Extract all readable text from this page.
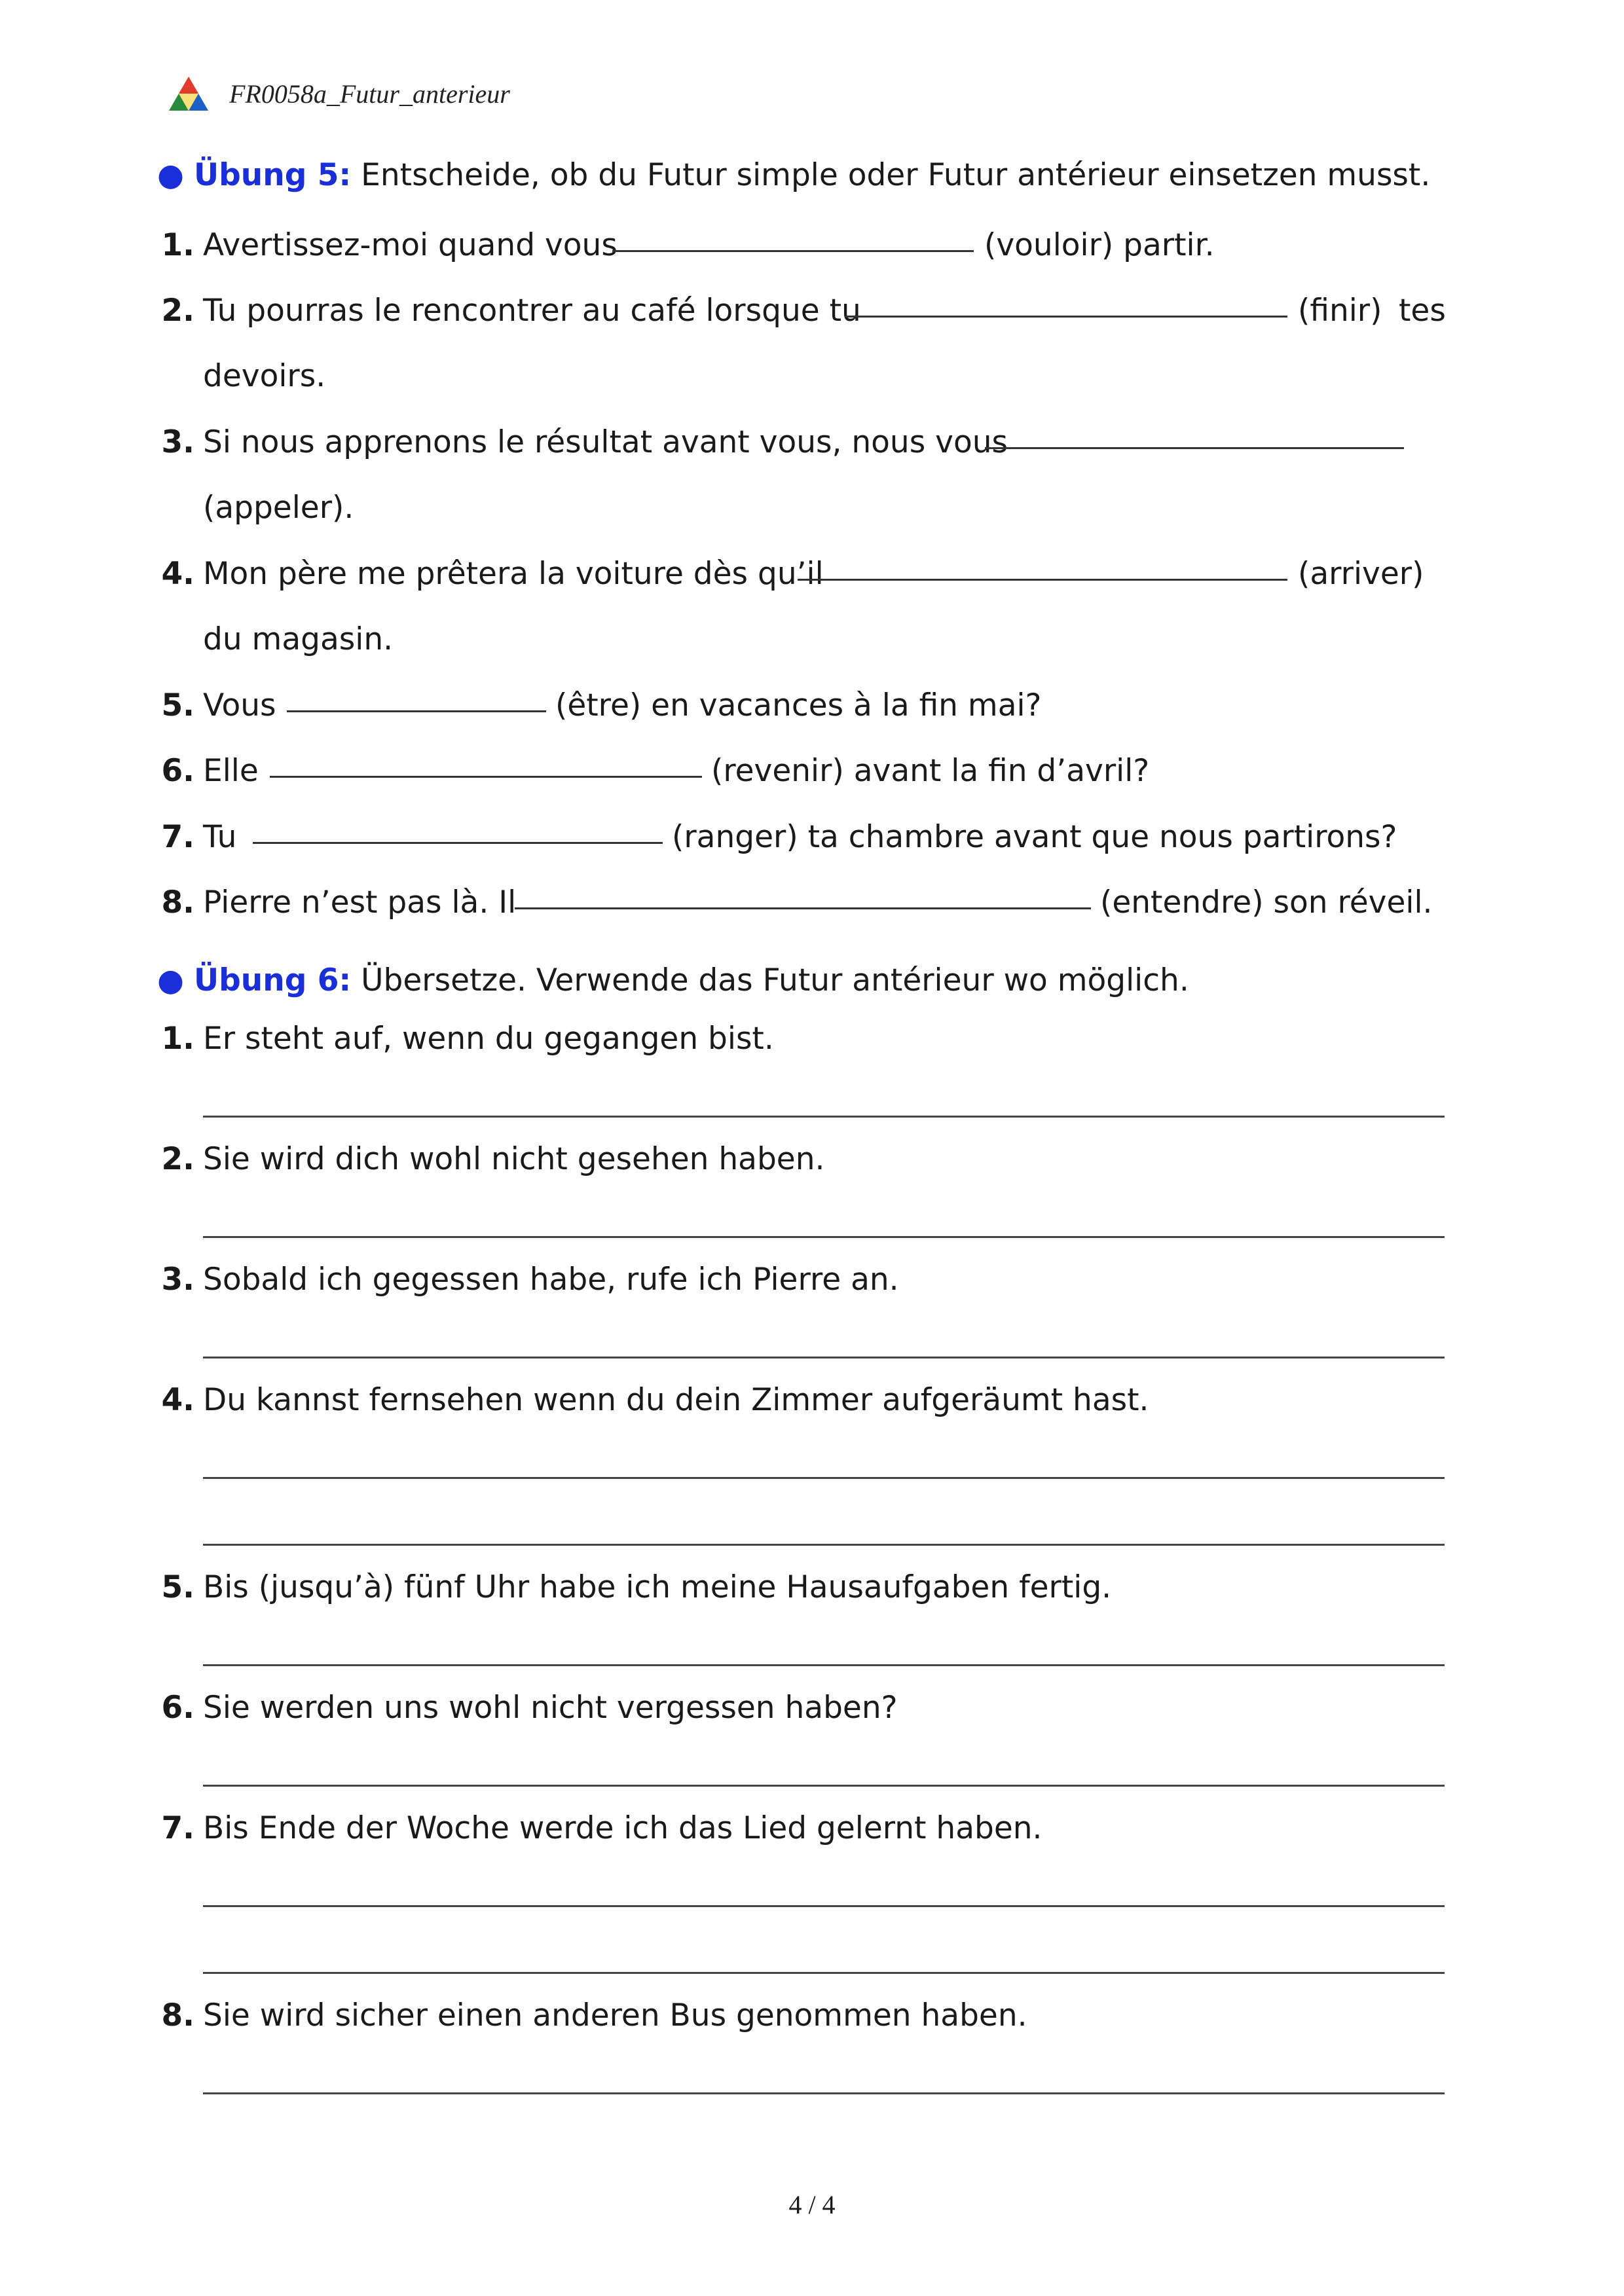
FR0058a_Futur_anterieur
● Übung 5: Entscheide, ob du Futur simple oder Futur antérieur einsetzen musst.
1. Avertissez-moi quand vous	(vouloir) partir.
2. Tu pourras le rencontrer au café lorsque tu	(finir) tes
devoirs.
3. Si nous apprenons le résultat avant vous, nous vous
(appeler).
4. Mon père me prêtera la voiture dès qu’il	(arriver)
du magasin.
5. Vous	(être) en vacances à la fin mai?
6. Elle	(revenir) avant la fin d’avril?
7. Tu	(ranger) ta chambre avant que nous partirons?
8. Pierre n’est pas là. Il	(entendre) son réveil.
● Übung 6: Übersetze. Verwende das Futur antérieur wo möglich.
1. Er steht auf, wenn du gegangen bist.
2. Sie wird dich wohl nicht gesehen haben.
3. Sobald ich gegessen habe, rufe ich Pierre an.
4. Du kannst fernsehen wenn du dein Zimmer aufgeräumt hast.
5. Bis (jusqu’à) fünf Uhr habe ich meine Hausaufgaben fertig.
6. Sie werden uns wohl nicht vergessen haben?
7. Bis Ende der Woche werde ich das Lied gelernt haben.
8. Sie wird sicher einen anderen Bus genommen haben.
4 / 4
